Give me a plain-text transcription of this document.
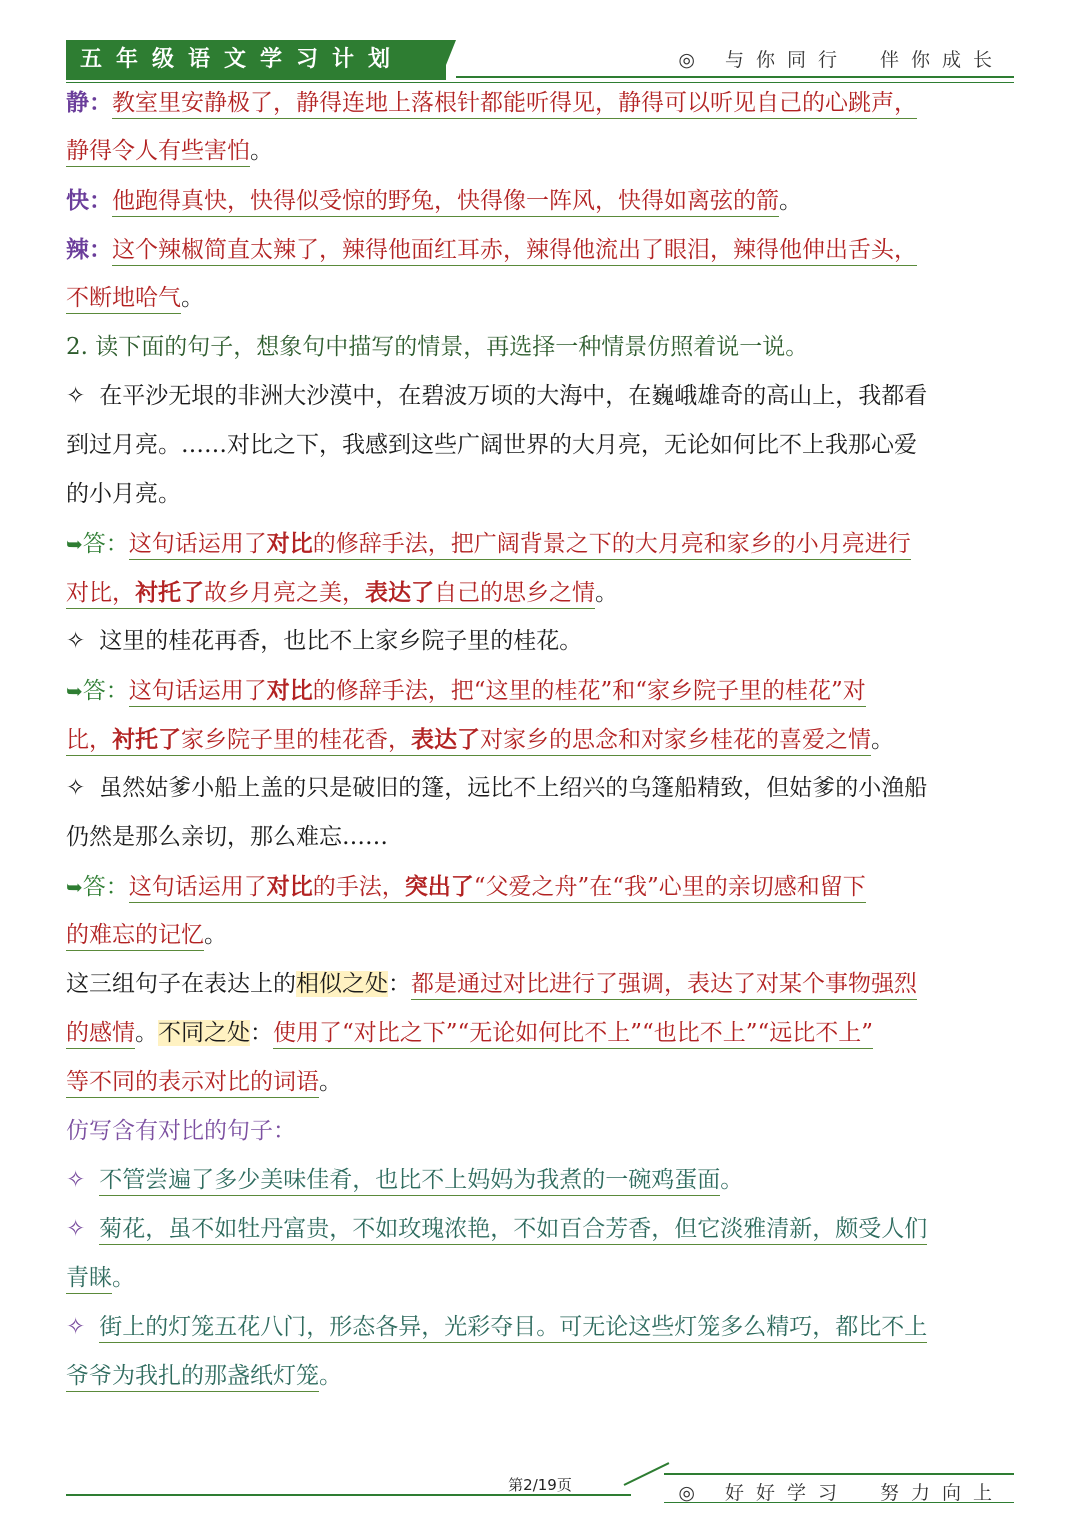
五年级语文学习计划	◎ 与你同行　伴你成长
静：教室里安静极了，静得连地上落根针都能听得见，静得可以听见自己的心跳声，
静得令人有些害怕。
快：他跑得真快，快得似受惊的野兔，快得像一阵风，快得如离弦的箭。
辣：这个辣椒简直太辣了，辣得他面红耳赤，辣得他流出了眼泪，辣得他伸出舌头，
不断地哈气。
2. 读下面的句子，想象句中描写的情景，再选择一种情景仿照着说一说。
✧ 在平沙无垠的非洲大沙漠中，在碧波万顷的大海中，在巍峨雄奇的高山上，我都看
到过月亮。……对比之下，我感到这些广阔世界的大月亮，无论如何比不上我那心爱
的小月亮。
➥答：这句话运用了对比的修辞手法，把广阔背景之下的大月亮和家乡的小月亮进行
对比，衬托了故乡月亮之美，表达了自己的思乡之情。
✧ 这里的桂花再香，也比不上家乡院子里的桂花。
➥答：这句话运用了对比的修辞手法，把“这里的桂花”和“家乡院子里的桂花”对
比，衬托了家乡院子里的桂花香，表达了对家乡的思念和对家乡桂花的喜爱之情。
✧ 虽然姑爹小船上盖的只是破旧的篷，远比不上绍兴的乌篷船精致，但姑爹的小渔船
仍然是那么亲切，那么难忘……
➥答：这句话运用了对比的手法，突出了“父爱之舟”在“我”心里的亲切感和留下
的难忘的记忆。
这三组句子在表达上的相似之处：都是通过对比进行了强调，表达了对某个事物强烈
的感情。不同之处：使用了“对比之下”“无论如何比不上”“也比不上”“远比不上”
等不同的表示对比的词语。
仿写含有对比的句子：
✧ 不管尝遍了多少美味佳肴，也比不上妈妈为我煮的一碗鸡蛋面。
✧ 菊花，虽不如牡丹富贵，不如玫瑰浓艳，不如百合芳香，但它淡雅清新，颇受人们
青睐。
✧ 街上的灯笼五花八门，形态各异，光彩夺目。可无论这些灯笼多么精巧，都比不上
爷爷为我扎的那盏纸灯笼。
第2/19页	◎ 好好学习　努力向上
